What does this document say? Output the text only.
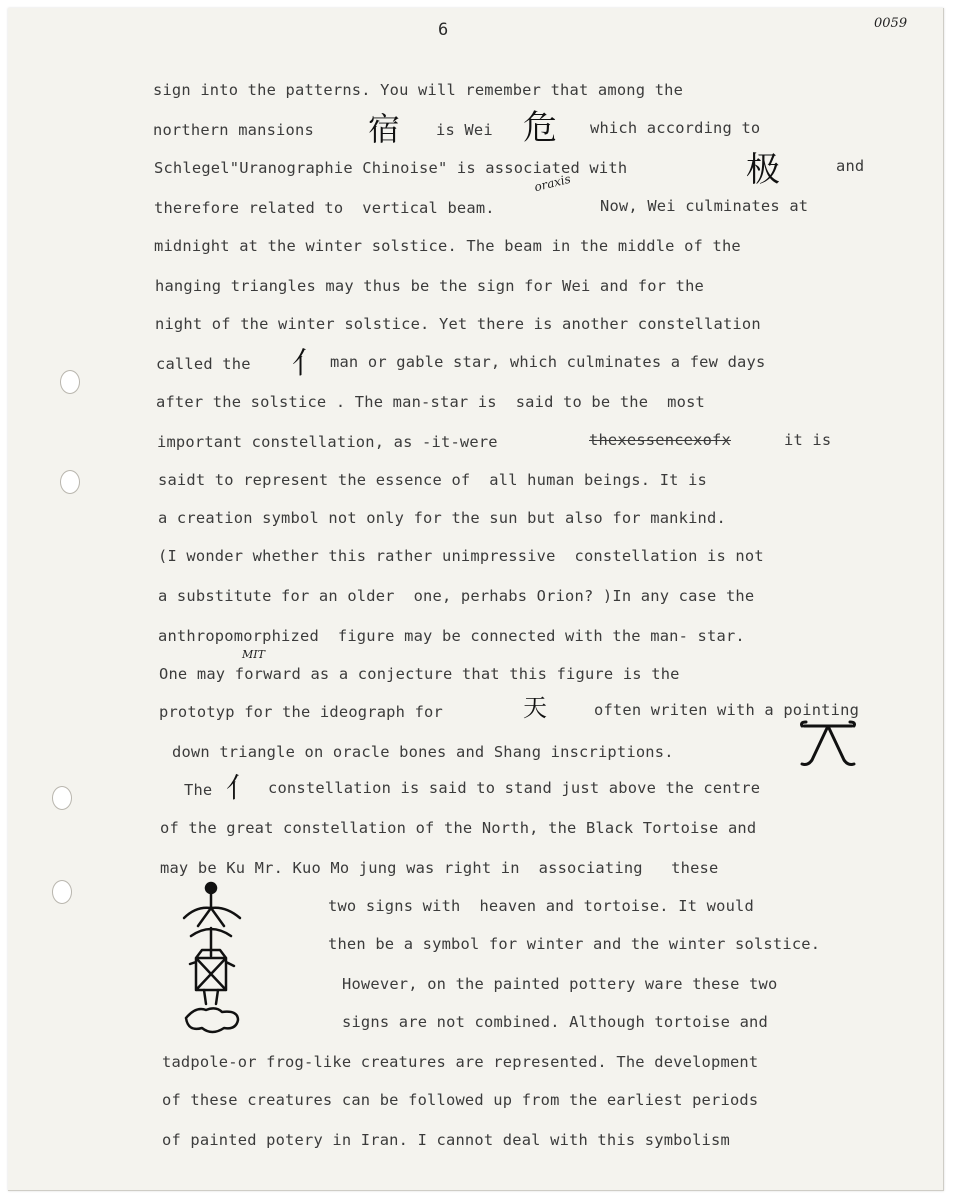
6	0059
sign into the patterns. You will remember that among the
northern mansions 宿 is Wei 危 which according to
Schlegel"Uranographie Chinoise" is associated with	极	and
oraxis
therefore related to  vertical beam.	Now, Wei culminates at
midnight at the winter solstice. The beam in the middle of the
hanging triangles may thus be the sign for Wei and for the
night of the winter solstice. Yet there is another constellation
called the 亻 man or gable star, which culminates a few days
after the solstice . The man-star is  said to be the  most
important constellation, as -it-were	thexessencexofx	it is
saidt to represent the essence of  all human beings. It is
a creation symbol not only for the sun but also for mankind.
(I wonder whether this rather unimpressive  constellation is not
a substitute for an older  one, perhabs Orion? )In any case the
anthropomorphized  figure may be connected with the man- star.
MIT
One may forward as a conjecture that this figure is the
prototyp for the ideograph for	天	often writen with a pointing
down triangle on oracle bones and Shang inscriptions.
The 亻 constellation is said to stand just above the centre
of the great constellation of the North, the Black Tortoise and
may be Ku Mr. Kuo Mo jung was right in  associating   these
two signs with  heaven and tortoise. It would
then be a symbol for winter and the winter solstice.
However, on the painted pottery ware these two
signs are not combined. Although tortoise and
tadpole-or frog-like creatures are represented. The development
of these creatures can be followed up from the earliest periods
of painted potery in Iran. I cannot deal with this symbolism
